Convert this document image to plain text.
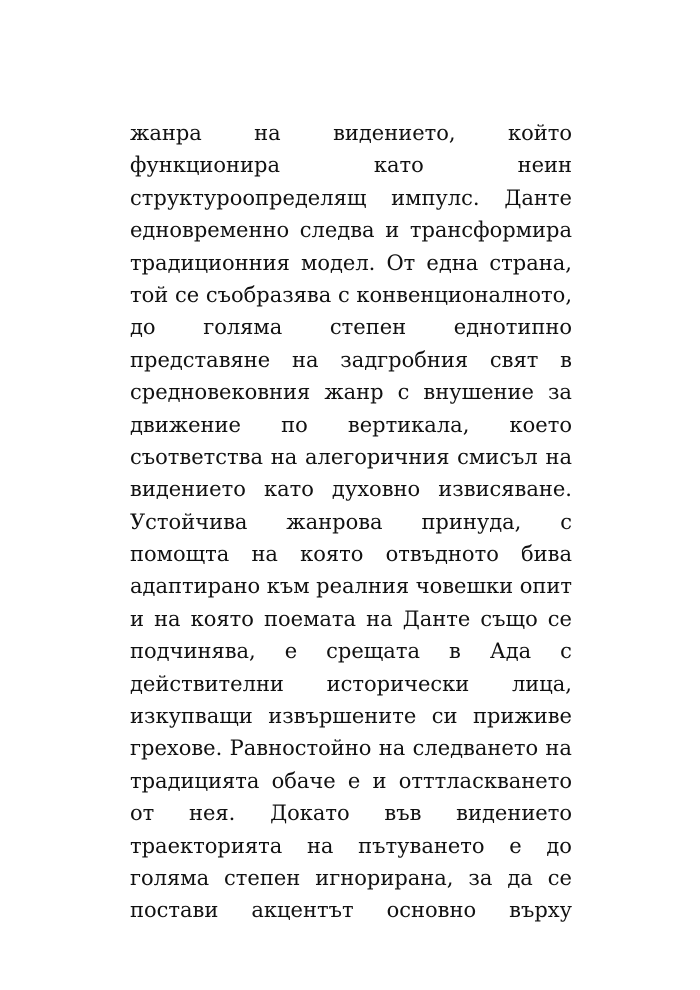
жанра на видението, който
функционира	като	неин
структуроопределящ импулс. Данте
едновременно следва и трансформира
традиционния модел. От една страна,
той се съобразява с конвенционалното,
до голяма степен еднотипно
представяне на задгробния свят в
средновековния жанр с внушение за
движение по вертикала, което
съответства на алегоричния смисъл на
видението като духовно извисяване.
Устойчива жанрова принуда, с
помощта на която отвъдното бива
адаптирано към реалния човешки опит
и на която поемата на Данте също се
подчинява, е срещата в Ада с
действителни исторически лица,
изкупващи извършените си приживе
грехове. Равностойно на следването на
традицията обаче е и отттласкването
от нея. Докато във видението
траекторията на пътуването е до
голяма степен игнорирана, за да се
постави акцентът основно върху
